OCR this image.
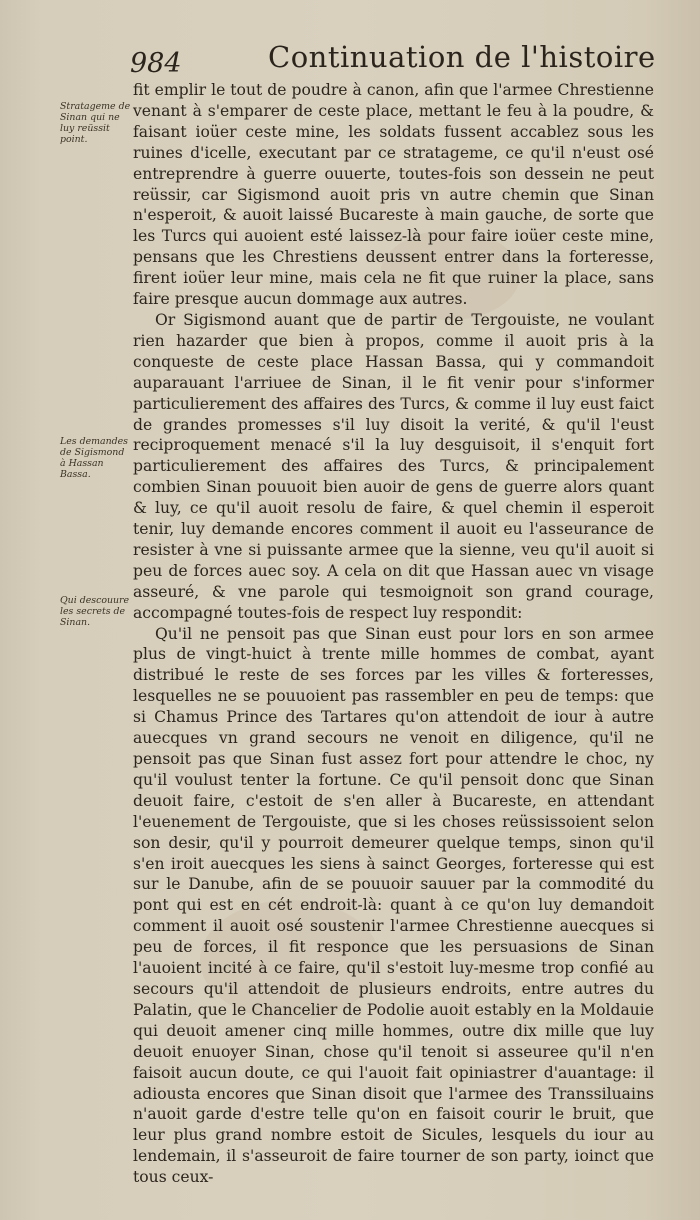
984	Continuation de l'histoire
Stratageme de Sinan qui ne luy reüssit point.
Les demandes de Sigismond à Hassan Bassa.
Qui descouure les secrets de Sinan.

fit emplir le tout de poudre à canon, afin que l'armee Chrestienne venant à s'emparer de ceste place, mettant le feu à la poudre, & faisant ioüer ceste mine, les soldats fussent accablez sous les ruines d'icelle, executant par ce stratageme, ce qu'il n'eust osé entreprendre à guerre ouuerte, toutes-fois son dessein ne peut reüssir, car Sigismond auoit pris vn autre chemin que Sinan n'esperoit, & auoit laissé Bucareste à main gauche, de sorte que les Turcs qui auoient esté laissez-là pour faire ioüer ceste mine, pensans que les Chrestiens deussent entrer dans la forteresse, firent ioüer leur mine, mais cela ne fit que ruiner la place, sans faire presque aucun dommage aux autres.

Or Sigismond auant que de partir de Tergouiste, ne voulant rien hazarder que bien à propos, comme il auoit pris à la conqueste de ceste place Hassan Bassa, qui y commandoit auparauant l'arriuee de Sinan, il le fit venir pour s'informer particulierement des affaires des Turcs, & comme il luy eust faict de grandes promesses s'il luy disoit la verité, & qu'il l'eust reciproquement menacé s'il la luy desguisoit, il s'enquit fort particulierement des affaires des Turcs, & principalement combien Sinan pouuoit bien auoir de gens de guerre alors quant & luy, ce qu'il auoit resolu de faire, & quel chemin il esperoit tenir, luy demande encores comment il auoit eu l'asseurance de resister à vne si puissante armee que la sienne, veu qu'il auoit si peu de forces auec soy. A cela on dit que Hassan auec vn visage asseuré, & vne parole qui tesmoignoit son grand courage, accompagné toutes-fois de respect luy respondit:

Qu'il ne pensoit pas que Sinan eust pour lors en son armee plus de vingt-huict à trente mille hommes de combat, ayant distribué le reste de ses forces par les villes & forteresses, lesquelles ne se pouuoient pas rassembler en peu de temps: que si Chamus Prince des Tartares qu'on attendoit de iour à autre auecques vn grand secours ne venoit en diligence, qu'il ne pensoit pas que Sinan fust assez fort pour attendre le choc, ny qu'il voulust tenter la fortune. Ce qu'il pensoit donc que Sinan deuoit faire, c'estoit de s'en aller à Bucareste, en attendant l'euenement de Tergouiste, que si les choses reüssissoient selon son desir, qu'il y pourroit demeurer quelque temps, sinon qu'il s'en iroit auecques les siens à sainct Georges, forteresse qui est sur le Danube, afin de se pouuoir sauuer par la commodité du pont qui est en cét endroit-là: quant à ce qu'on luy demandoit comment il auoit osé soustenir l'armee Chrestienne auecques si peu de forces, il fit responce que les persuasions de Sinan l'auoient incité à ce faire, qu'il s'estoit luy-mesme trop confié au secours qu'il attendoit de plusieurs endroits, entre autres du Palatin, que le Chancelier de Podolie auoit estably en la Moldauie qui deuoit amener cinq mille hommes, outre dix mille que luy deuoit enuoyer Sinan, chose qu'il tenoit si asseuree qu'il n'en faisoit aucun doute, ce qui l'auoit fait opiniastrer d'auantage: il adiousta encores que Sinan disoit que l'armee des Transsiluains n'auoit garde d'estre telle qu'on en faisoit courir le bruit, que leur plus grand nombre estoit de Sicules, lesquels du iour au lendemain, il s'asseuroit de faire tourner de son party, ioinct que tous ceux-
